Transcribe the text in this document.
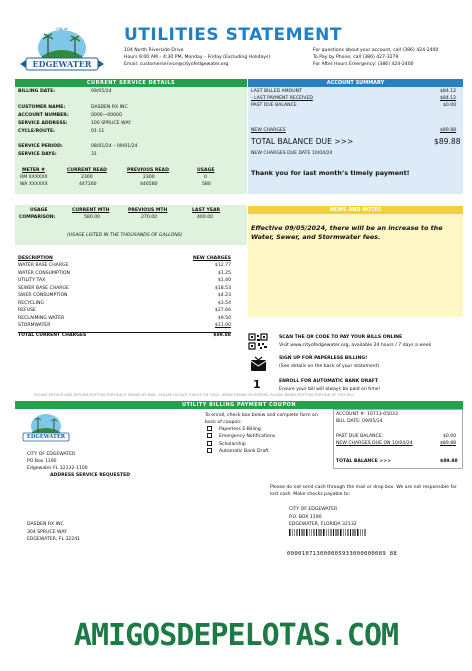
EDGEWATER
City of	UTILITIES STATEMENT
104 North Riverside Drive
Hours 9:00 AM – 4:30 PM, Monday – Friday (Excluding Holidays)
Email: customerservice@cityofedgewater.org
For questions about your account, call (386) 424-2400
To Pay by Phone, call (386) 427-3279
For After Hours Emergency: (386) 424-2400
CURRENT SERVICE DETAILS
BILLING DATE:	09/05/24
CUSTOMER NAME:	DASDEN RX INC
ACCOUNT NUMBER:	0000—00000
SERVICE ADDRESS:	100 SPRUCE WAY
CYCLE/ROUTE:	01-11
SERVICE PERIOD:	08/01/24 – 09/01/24
SERVICE DAYS:	31
METER #	CURRENT READ	PREVIOUS READ	USAGE
RM XXXXXX	2300	2300	0
WA XXXXXX	447160	446580	580
USAGE	CURRENT MTH	PREVIOUS MTH	LAST YEAR
COMPARISON:	580.00	270.00	400.00
(USAGE LISTED IN THE THOUSANDS OF GALLONS)
DESCRIPTION	NEW CHARGES
WATER BASE CHARGE	$12.77
WATER CONSUMPTION	$1.25
UTILITY TAX	$1.40
SEWER BASE CHARGE	$18.53
SWER CONSUMPTION	$4.23
RECYCLING	$3.54
REFUSE	$27.66
RECLAIMING WATER	$9.50
STORMWATER	$11.00
TOTAL CURRENT CHARGES	$89.88
ACCOUNT SUMMARY
LAST BILLED AMOUNT	$84.12
- LAST PAYMENT RECEIVED	$84.12
PAST DUE BALANCE	$0.00
NEW CHARGES	$89.88
TOTAL BALANCE DUE >>>	$89.88
NEW CHARGES DUE DATE 10/04/24
Thank you for last month’s timely payment!
NEWS AND NOTES
Effective 09/05/2024, there will be an increase to the Water, Sewer, and Stormwater fees.
SCAN THE QR CODE TO PAY YOUR BILLS ONLINE
Visit www.cityofedgewater.org, available 24 hours / 7 days a week
SIGN UP FOR PAPERLESS BILLING!
(See details on the back of your statement)
1	ENROLL FOR AUTOMATIC BANK DRAFT
Ensure your bill will always be paid on time!
PLEASE DETACH AND RETURN BOTTOM PORTION IF PAYING BY MAIL. PLEASE DO NOT STAPLE OR FOLD. WHEN PAYING IN PERSON, PLEASE BRING BOTTOM PORTION OF THIS BILL
UTILITY BILLING PAYMENT COUPON
EDGEWATER
To enroll, check box below and complete form on back of coupon:
Paperless E-Billing
Emergency Notifications
Scholarship
Automatic Bank Draft
CITY OF EDGEWATER
PO Box 1190
Edgewater FL 32132-1100
ADDRESS SERVICE REQUESTED
ACCOUNT #: 10713-05033
BILL DATE: 09/05/24
PAST DUE BALANCE:	$0.00
NEW CHARGES DUE ON 10/04/24	$89.88
TOTAL BALANCE >>>	$89.88
Please do not send cash through the mail or drop box. We are not responsible for lost cash. Make checks payable to:
CITY OF EDGEWATER
P.O. BOX 1190
EDGEWATER, FLORIDA 32132
DASDEN RX INC
304 SPRUCE WAY
EDGEWATER, FL 32241
000010713000005933000000089 88
AMIGOSDEPELOTAS.COM
